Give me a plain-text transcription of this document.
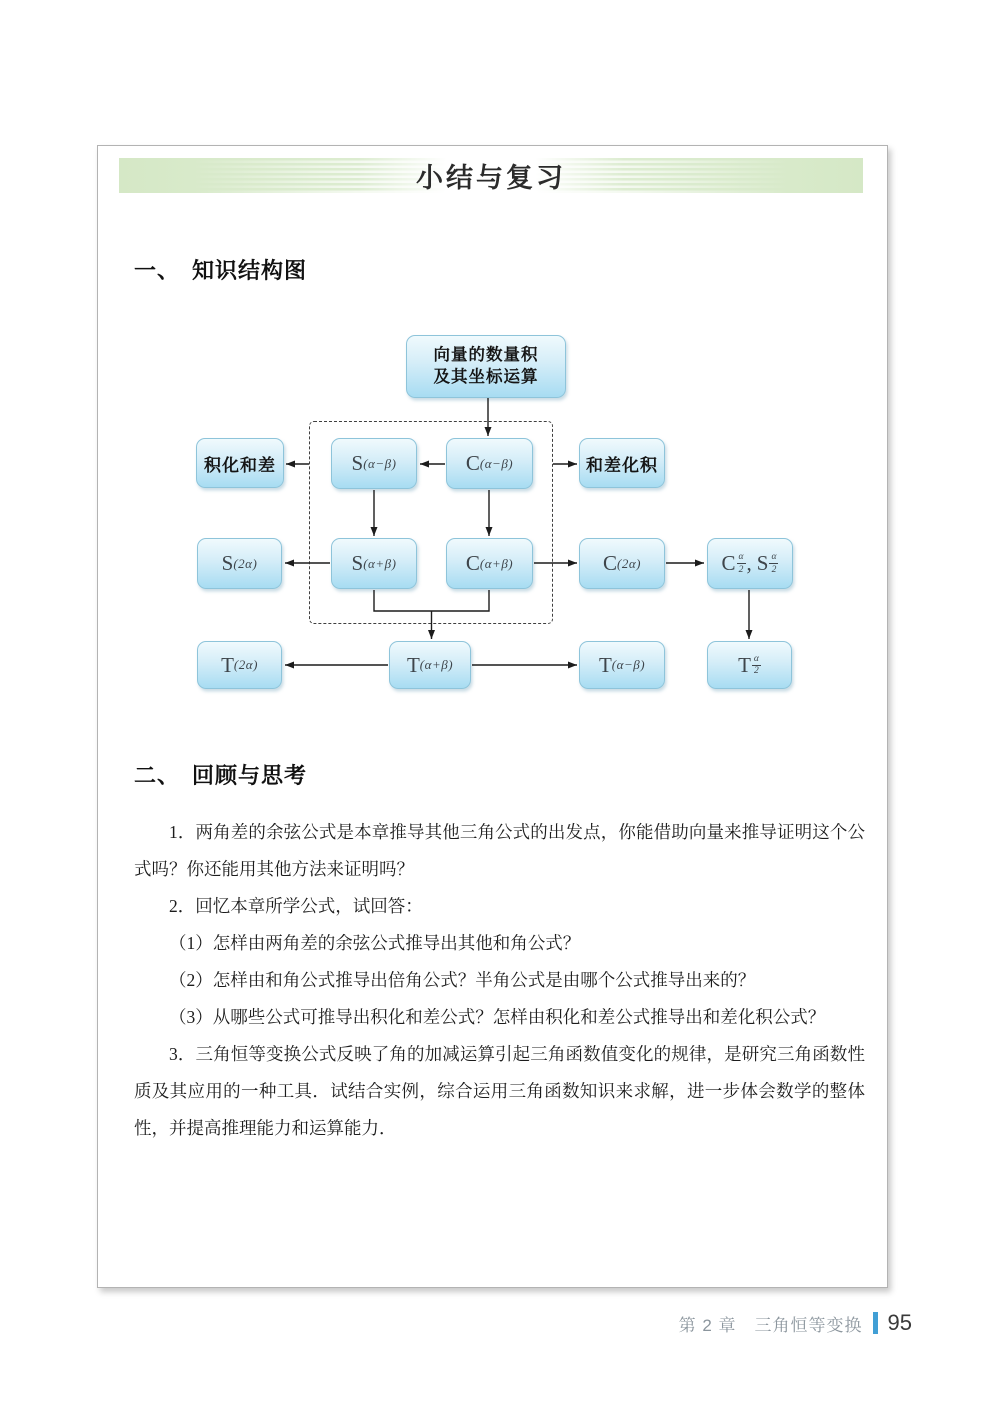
小结与复习
一、　知识结构图
向量的数量积
及其坐标运算
积化和差	S (α−β)	C (α−β)	和差化积
S (2α)	S (α+β)	C (α+β)	C (2α)	C $\frac{\alpha}{2}$ , S $\frac{\alpha}{2}$
T (2α)	T (α+β)	T (α−β)	T $\frac{\alpha}{2}$
二、　回顾与思考

1．两角差的余弦公式是本章推导其他三角公式的出发点，你能借助向量来推导证明这个公式吗？你还能用其他方法来证明吗？

2．回忆本章所学公式，试回答：

（1）怎样由两角差的余弦公式推导出其他和角公式？

（2）怎样由和角公式推导出倍角公式？半角公式是由哪个公式推导出来的？

（3）从哪些公式可推导出积化和差公式？怎样由积化和差公式推导出和差化积公式？

3．三角恒等变换公式反映了角的加减运算引起三角函数值变化的规律，是研究三角函数性质及其应用的一种工具．试结合实例，综合运用三角函数知识来求解，进一步体会数学的整体性，并提高推理能力和运算能力．

第 2 章　三角恒等变换 95
